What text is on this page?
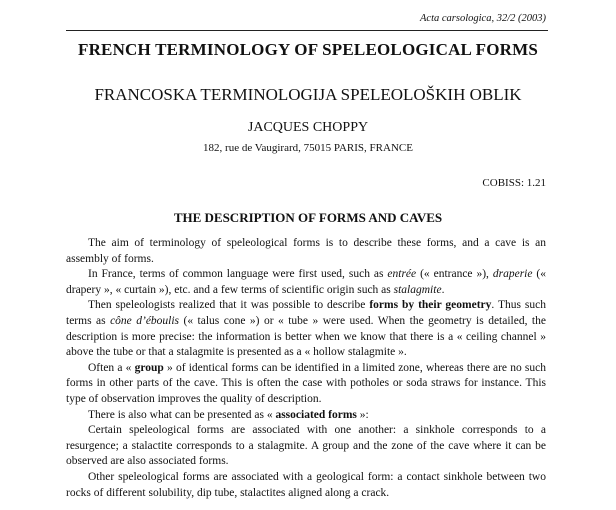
Acta carsologica, 32/2 (2003)

FRENCH TERMINOLOGY OF SPELEOLOGICAL FORMS
FRANCOSKA TERMINOLOGIJA SPELEOLOŠKIH OBLIK

JACQUES CHOPPY

182, rue de Vaugirard, 75015 PARIS, FRANCE

COBISS: 1.21

THE DESCRIPTION OF FORMS AND CAVES

The aim of terminology of speleological forms is to describe these forms, and a cave is an assembly of forms.

In France, terms of common language were first used, such as entrée (« entrance »), draperie (« drapery », « curtain »), etc. and a few terms of scientific origin such as stalagmite.

Then speleologists realized that it was possible to describe forms by their geometry. Thus such terms as cône d’éboulis (« talus cone ») or « tube » were used. When the geometry is detailed, the description is more precise: the information is better when we know that there is a « ceiling channel » above the tube or that a stalagmite is presented as a « hollow stalagmite ».

Often a « group » of identical forms can be identified in a limited zone, whereas there are no such forms in other parts of the cave. This is often the case with potholes or soda straws for instance. This type of observation improves the quality of description.

There is also what can be presented as « associated forms »:

Certain speleological forms are associated with one another: a sinkhole corresponds to a resurgence; a stalactite corresponds to a stalagmite. A group and the zone of the cave where it can be observed are also associated forms.

Other speleological forms are associated with a geological form: a contact sinkhole between two rocks of different solubility, dip tube, stalactites aligned along a crack.
